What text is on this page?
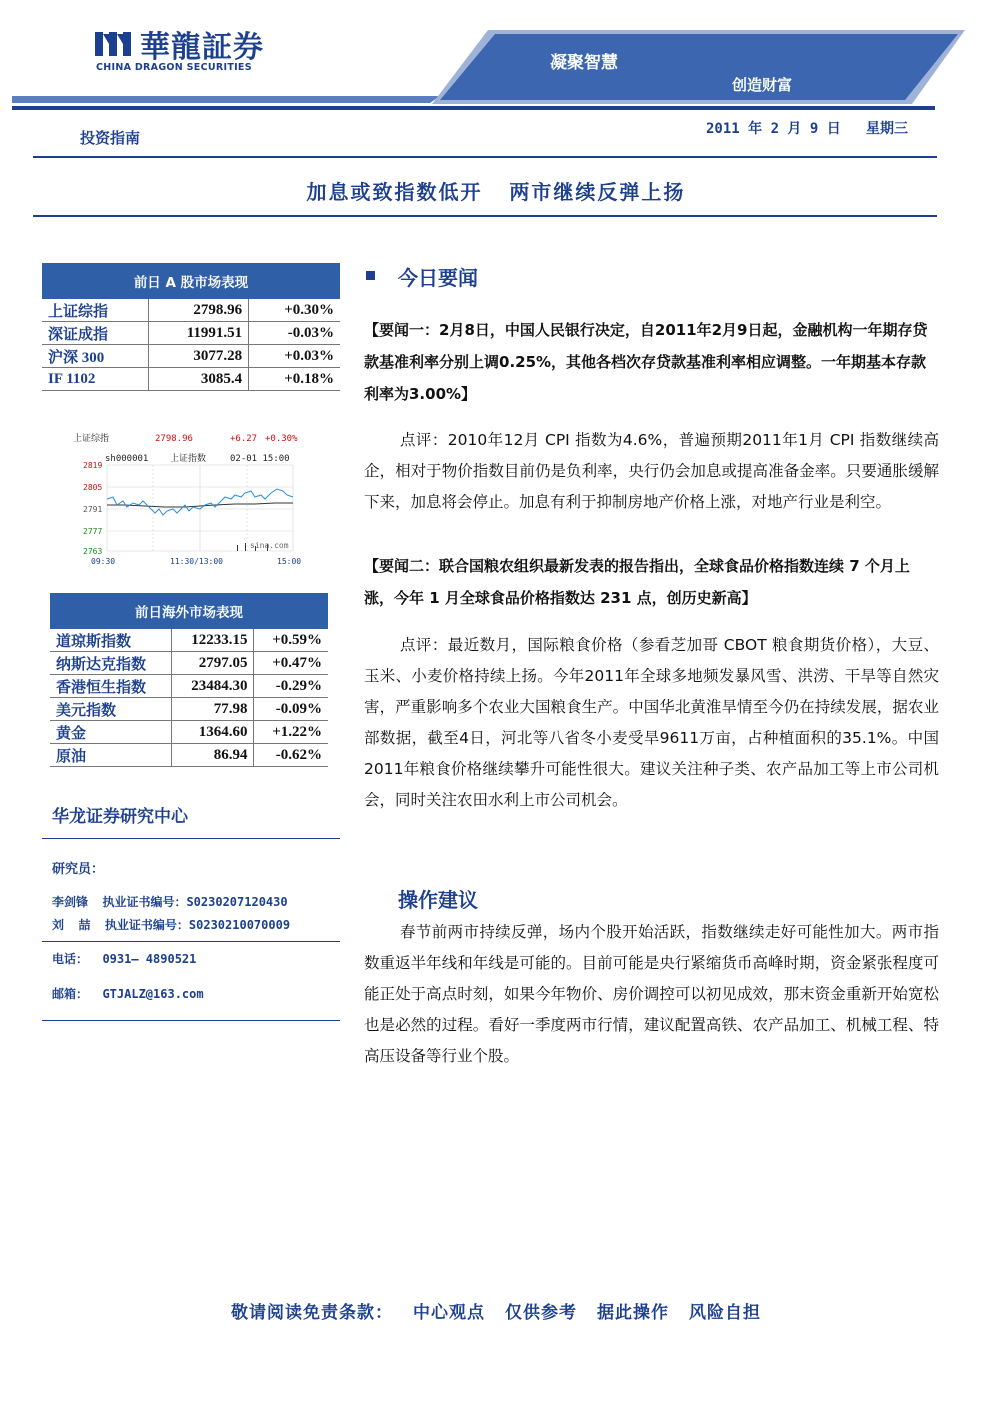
華龍証券
CHINA DRAGON SECURITIES	凝聚智慧
创造财富
投资指南	2011 年 2 月 9 日   星期三
加息或致指数低开   两市继续反弹上扬
前日 A 股市场表现		
上证综指	2798.96	+0.30%
深证成指	11991.51	-0.03%
沪深 300	3077.28	+0.03%
IF 1102	3085.4	+0.18%
上证综指	2798.96	+6.27 +0.30%
sh000001 上证指数	02-01 15:00
2819
2805
2791
2777
2763
sina.com
09:30	11:30/13:00	15:00
前日海外市场表现		
道琼斯指数	12233.15	+0.59%
纳斯达克指数	2797.05	+0.47%
香港恒生指数	23484.30	-0.29%
美元指数	77.98	-0.09%
黄金	1364.60	+1.22%
原油	86.94	-0.62%
华龙证券研究中心
研究员：
李剑锋  执业证书编号：S0230207120430
刘  喆  执业证书编号：S0230210070009
电话：  0931— 4890521
邮箱：  GTJALZ@163.com
今日要闻
【要闻一：2月8日，中国人民银行决定，自2011年2月9日起，金融机构一年期存贷款基准利率分别上调0.25%，其他各档次存贷款基准利率相应调整。一年期基本存款利率为3.00%】
点评：2010年12月 CPI 指数为4.6%，普遍预期2011年1月 CPI 指数继续高企，相对于物价指数目前仍是负利率，央行仍会加息或提高准备金率。只要通胀缓解下来，加息将会停止。加息有利于抑制房地产价格上涨，对地产行业是利空。
【要闻二：联合国粮农组织最新发表的报告指出，全球食品价格指数连续 7 个月上涨，今年 1 月全球食品价格指数达 231 点，创历史新高】
点评：最近数月，国际粮食价格（参看芝加哥 CBOT 粮食期货价格），大豆、玉米、小麦价格持续上扬。今年2011年全球多地频发暴风雪、洪涝、干旱等自然灾害，严重影响多个农业大国粮食生产。中国华北黄淮旱情至今仍在持续发展，据农业部数据，截至4日，河北等八省冬小麦受旱9611万亩，占种植面积的35.1%。中国2011年粮食价格继续攀升可能性很大。建议关注种子类、农产品加工等上市公司机会，同时关注农田水利上市公司机会。
操作建议
春节前两市持续反弹，场内个股开始活跃，指数继续走好可能性加大。两市指数重返半年线和年线是可能的。目前可能是央行紧缩货币高峰时期，资金紧张程度可能正处于高点时刻，如果今年物价、房价调控可以初见成效，那末资金重新开始宽松也是必然的过程。看好一季度两市行情，建议配置高铁、农产品加工、机械工程、特高压设备等行业个股。
敬请阅读免责条款： 中心观点 仅供参考 据此操作 风险自担
